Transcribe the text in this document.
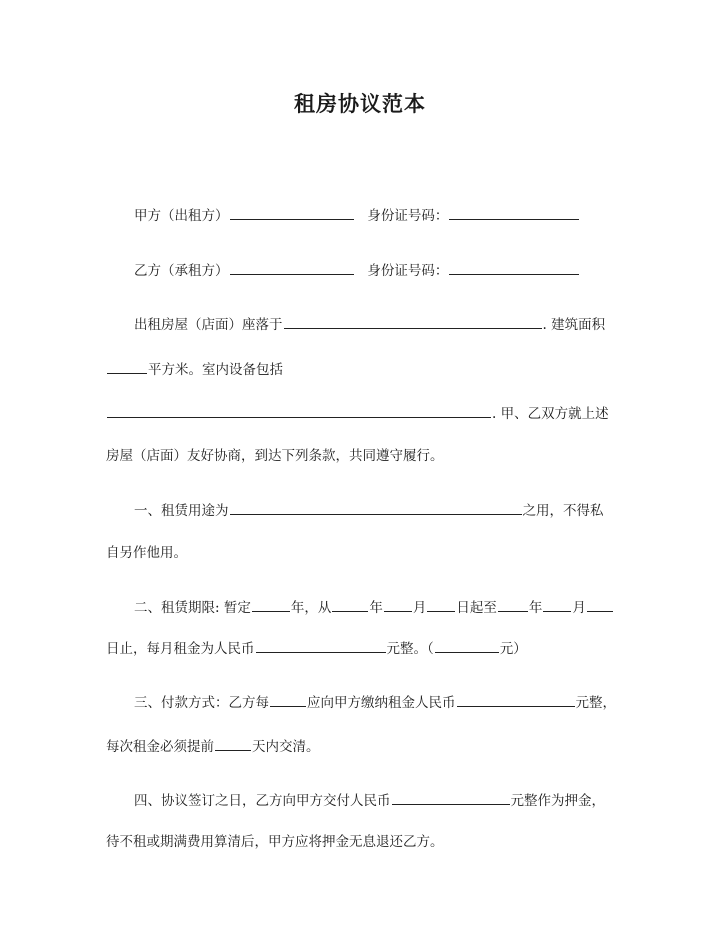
租房协议范本
甲方（出租方）	身份证号码：
乙方（承租方）	身份证号码：
出租房屋（店面）座落于	. 建筑面积
平方米。室内设备包括
. 甲、乙双方就上述
房屋（店面）友好协商，到达下列条款，共同遵守履行。
一、租赁用途为	之用，不得私
自另作他用。
二、租赁期限: 暂定	年，从	年 月 日起至 年 月
日止，每月租金为人民币	元整。（	元）
三、付款方式：乙方每	应向甲方缴纳租金人民币	元整，
每次租金必须提前	天内交清。
四、协议签订之日，乙方向甲方交付人民币	元整作为押金，
待不租或期满费用算清后，甲方应将押金无息退还乙方。
